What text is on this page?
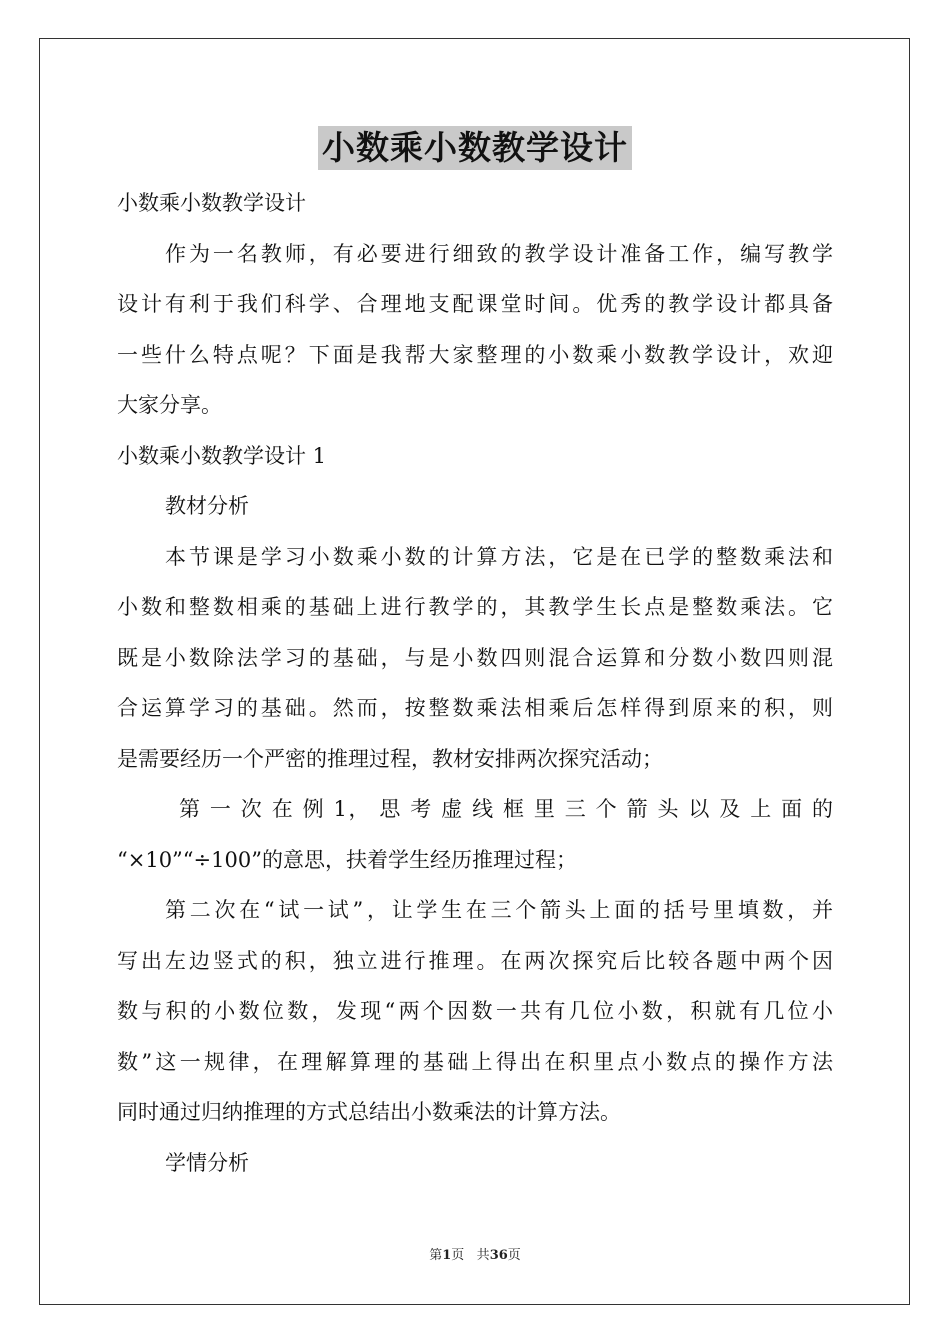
小数乘小数教学设计
小数乘小数教学设计
作为一名教师，有必要进行细致的教学设计准备工作，编写教学
设计有利于我们科学、合理地支配课堂时间。优秀的教学设计都具备
一些什么特点呢？下面是我帮大家整理的小数乘小数教学设计，欢迎
大家分享。
小数乘小数教学设计 1
教材分析
本节课是学习小数乘小数的计算方法，它是在已学的整数乘法和
小数和整数相乘的基础上进行教学的，其教学生长点是整数乘法。它
既是小数除法学习的基础，与是小数四则混合运算和分数小数四则混
合运算学习的基础。然而，按整数乘法相乘后怎样得到原来的积，则
是需要经历一个严密的推理过程，教材安排两次探究活动；
第 一 次 在 例 1， 思 考 虚 线 框 里 三 个 箭 头 以 及 上 面 的
“×10”“÷100”的意思，扶着学生经历推理过程；
第二次在“试一试”，让学生在三个箭头上面的括号里填数，并
写出左边竖式的积，独立进行推理。在两次探究后比较各题中两个因
数与积的小数位数，发现“两个因数一共有几位小数，积就有几位小
数”这一规律，在理解算理的基础上得出在积里点小数点的操作方法
同时通过归纳推理的方式总结出小数乘法的计算方法。
学情分析
第1页 共36页
